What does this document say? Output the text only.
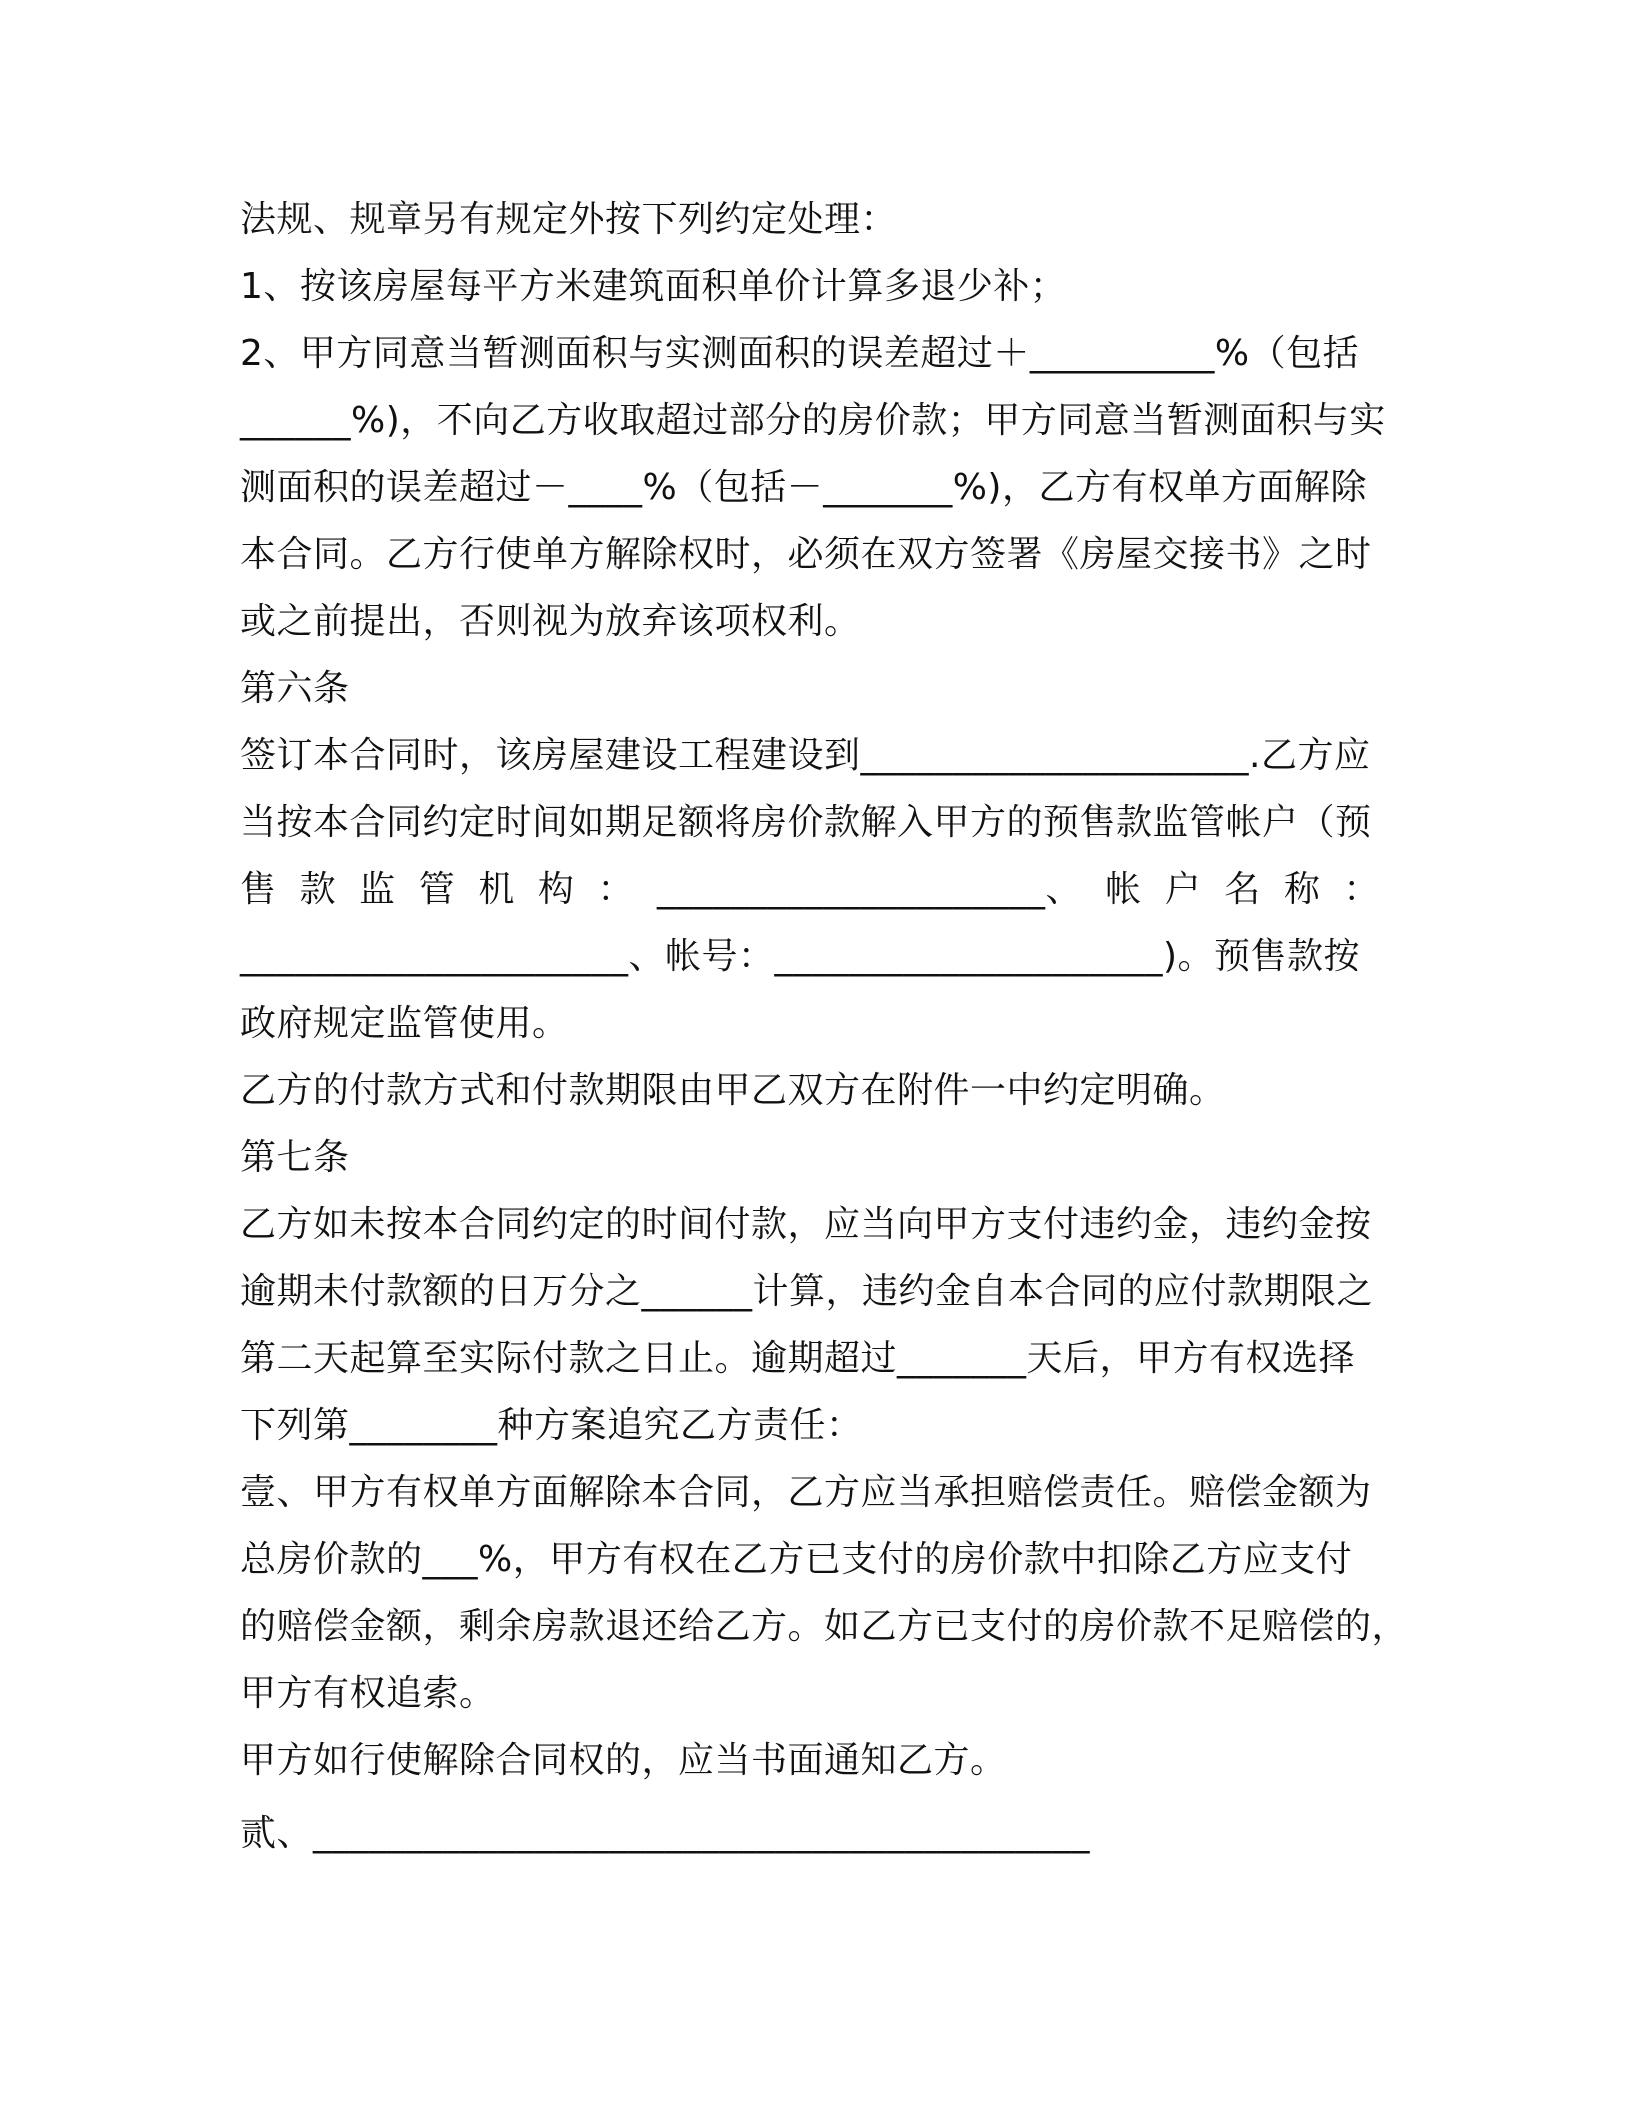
法规、规章另有规定外按下列约定处理：
1、按该房屋每平方米建筑面积单价计算多退少补；
2、甲方同意当暂测面积与实测面积的误差超过＋__________%（包括
______%)，不向乙方收取超过部分的房价款；甲方同意当暂测面积与实
测面积的误差超过－____%（包括－_______%)，乙方有权单方面解除
本合同。乙方行使单方解除权时，必须在双方签署《房屋交接书》之时
或之前提出，否则视为放弃该项权利。
第六条
签订本合同时，该房屋建设工程建设到_____________________.乙方应
当按本合同约定时间如期足额将房价款解入甲方的预售款监管帐户（预
售 款 监 管 机 构 ： _____________________、 帐 户 名 称 ：
_____________________、帐号：_____________________)。预售款按
政府规定监管使用。
乙方的付款方式和付款期限由甲乙双方在附件一中约定明确。
第七条
乙方如未按本合同约定的时间付款，应当向甲方支付违约金，违约金按
逾期未付款额的日万分之______计算，违约金自本合同的应付款期限之
第二天起算至实际付款之日止。逾期超过_______天后，甲方有权选择
下列第________种方案追究乙方责任：
壹、甲方有权单方面解除本合同，乙方应当承担赔偿责任。赔偿金额为
总房价款的___%，甲方有权在乙方已支付的房价款中扣除乙方应支付
的赔偿金额，剩余房款退还给乙方。如乙方已支付的房价款不足赔偿的，
甲方有权追索。
甲方如行使解除合同权的，应当书面通知乙方。
贰、__________________________________________
